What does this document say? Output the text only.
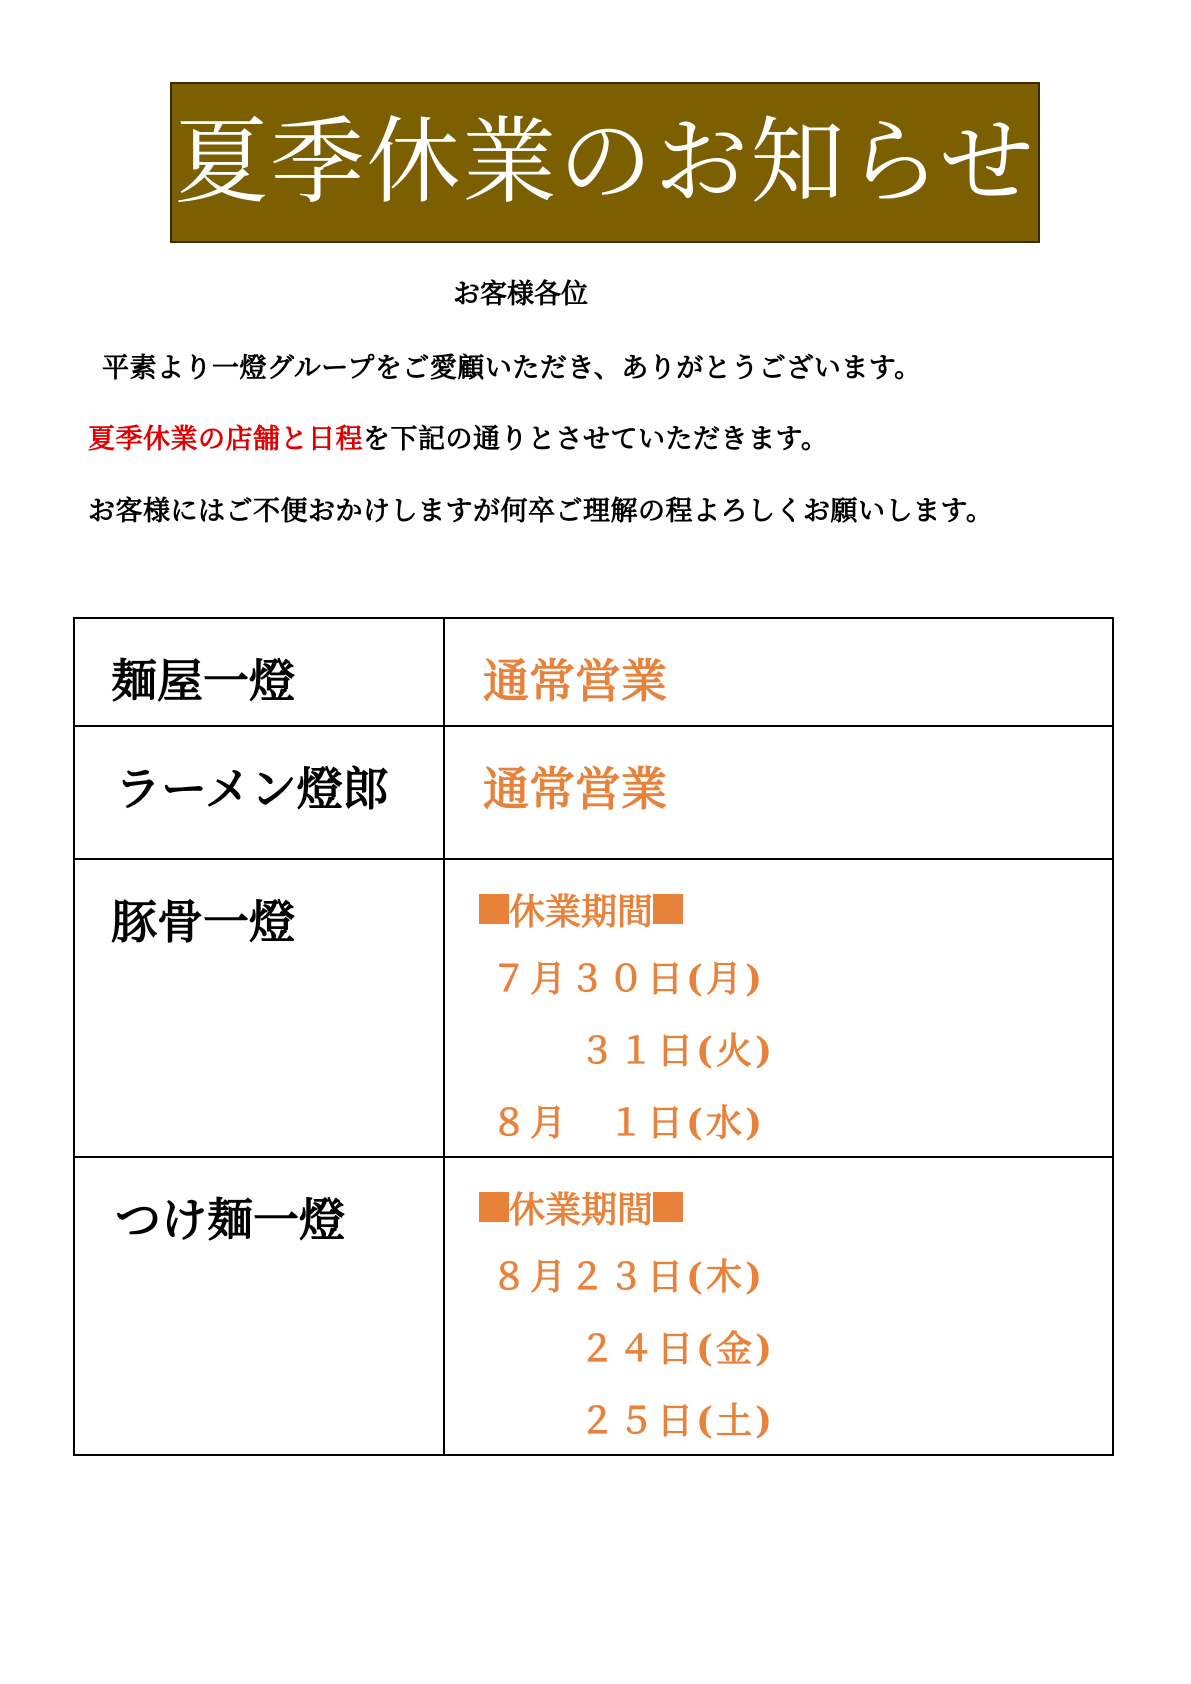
夏季休業のお知らせ
お客様各位
平素より一燈グループをご愛顧いただき、ありがとうございます。
夏季休業の店舗と日程を下記の通りとさせていただきます。
お客様にはご不便おかけしますが何卒ご理解の程よろしくお願いします。
麺屋一燈	通常営業

ラーメン燈郎	通常営業

豚骨一燈	休業期間
７月３０日(月)
３１日(火)
８月　１日(水)

つけ麺一燈	休業期間
８月２３日(木)
２４日(金)
２５日(土)
